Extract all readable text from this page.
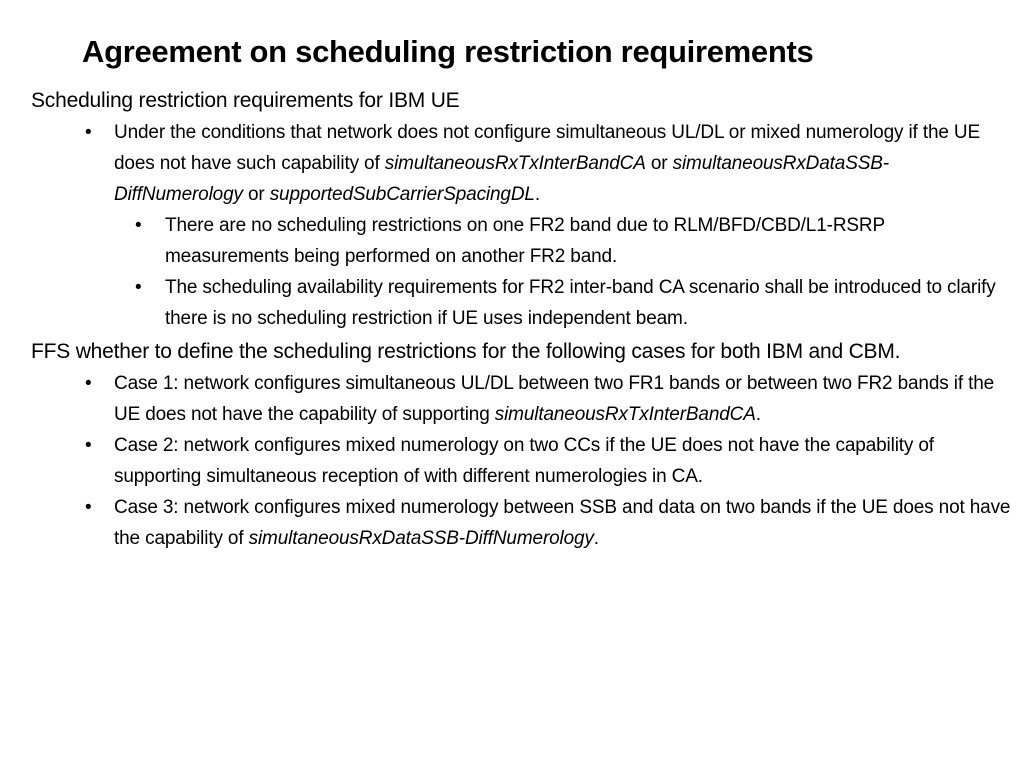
Agreement on scheduling restriction requirements

Scheduling restriction requirements for IBM UE

• Under the conditions that network does not configure simultaneous UL/DL or mixed numerology if the UE does not have such capability of simultaneousRxTxInterBandCA or simultaneousRxDataSSB-DiffNumerology or supportedSubCarrierSpacingDL.
• There are no scheduling restrictions on one FR2 band due to RLM/BFD/CBD/L1-RSRP measurements being performed on another FR2 band.
• The scheduling availability requirements for FR2 inter-band CA scenario shall be introduced to clarify there is no scheduling restriction if UE uses independent beam.

FFS whether to define the scheduling restrictions for the following cases for both IBM and CBM.

• Case 1: network configures simultaneous UL/DL between two FR1 bands or between two FR2 bands if the UE does not have the capability of supporting simultaneousRxTxInterBandCA.
• Case 2: network configures mixed numerology on two CCs if the UE does not have the capability of supporting simultaneous reception of with different numerologies in CA.
• Case 3: network configures mixed numerology between SSB and data on two bands if the UE does not have the capability of simultaneousRxDataSSB-DiffNumerology.
